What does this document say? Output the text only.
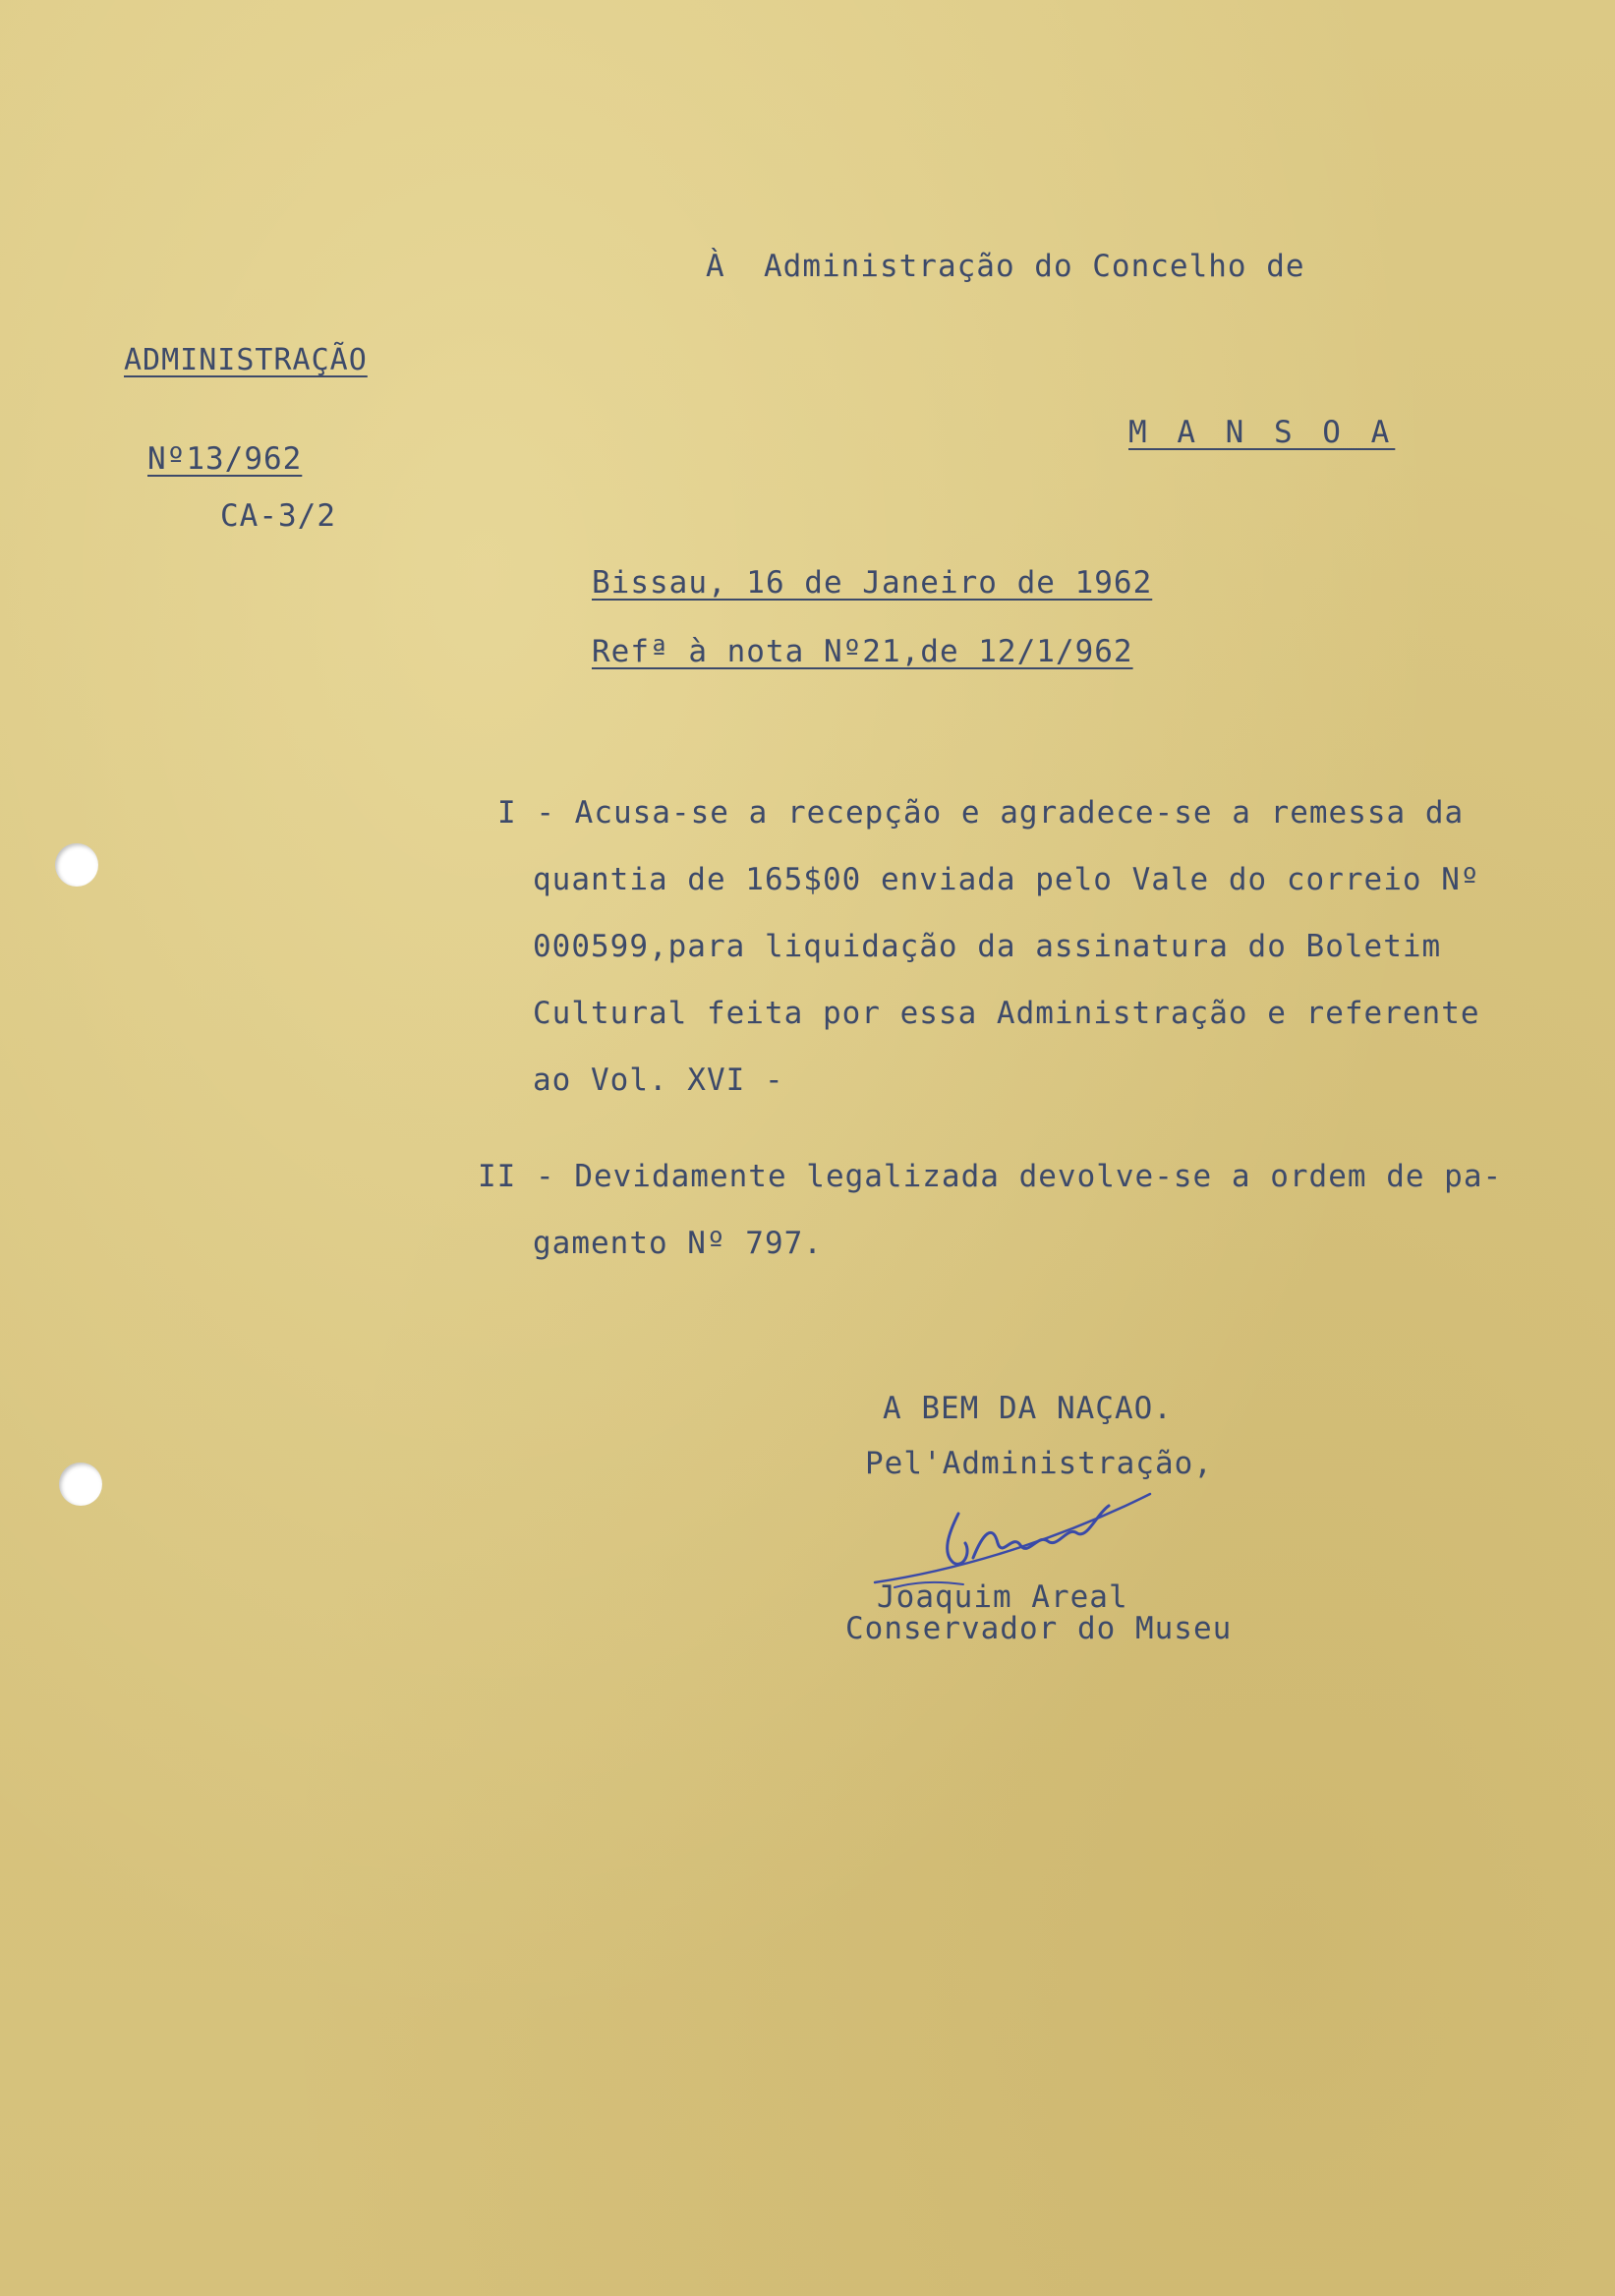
À  Administração do Concelho de
M A N S O A
ADMINISTRAÇÃO
Nº13/962
CA-3/2
Bissau, 16 de Janeiro de 1962
Refª à nota Nº21,de 12/1/962
I - Acusa-se a recepção e agradece-se a remessa da
quantia de 165$00 enviada pelo Vale do correio Nº
000599,para liquidação da assinatura do Boletim
Cultural feita por essa Administração e referente
ao Vol. XVI -
II - Devidamente legalizada devolve-se a ordem de pa-
gamento Nº 797.
A BEM DA NAÇAO.
Pel'Administração,
Joaquim Areal
Conservador do Museu
